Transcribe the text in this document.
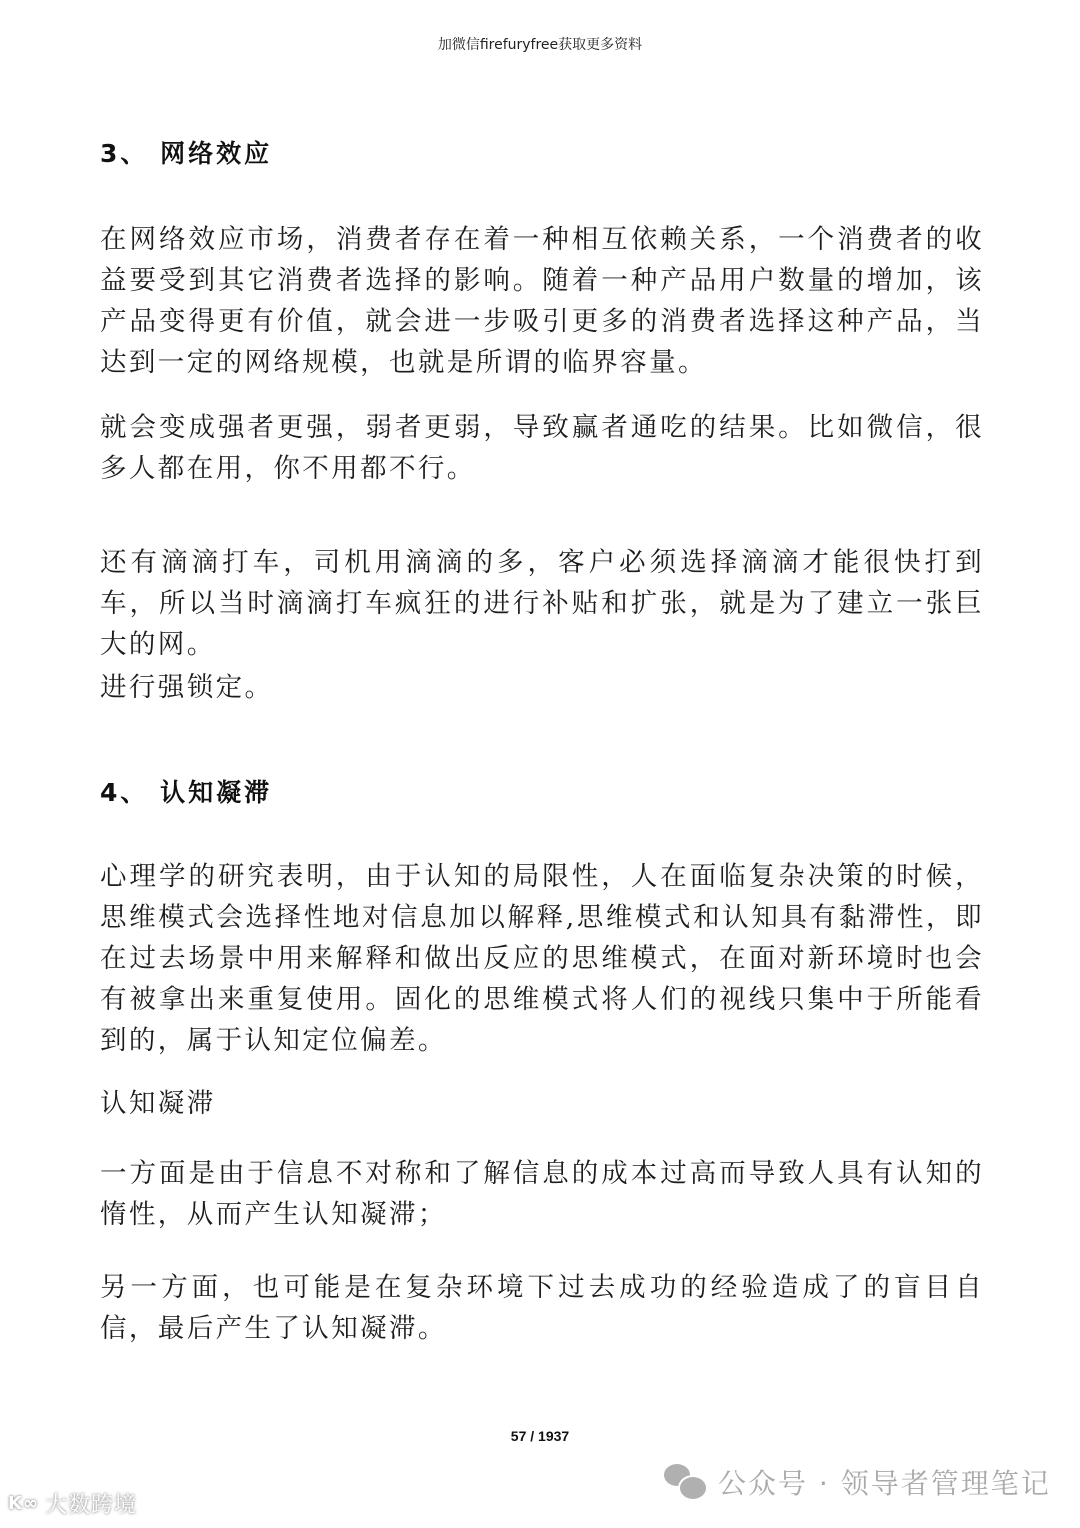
加微信firefuryfree获取更多资料
3、 网络效应

在网络效应市场，消费者存在着一种相互依赖关系，一个消费者的收益要受到其它消费者选择的影响。随着一种产品用户数量的增加，该产品变得更有价值，就会进一步吸引更多的消费者选择这种产品，当达到一定的网络规模，也就是所谓的临界容量。

就会变成强者更强，弱者更弱，导致赢者通吃的结果。比如微信，很多人都在用，你不用都不行。

还有滴滴打车，司机用滴滴的多，客户必须选择滴滴才能很快打到车，所以当时滴滴打车疯狂的进行补贴和扩张，就是为了建立一张巨大的网。

进行强锁定。

4、 认知凝滞

心理学的研究表明，由于认知的局限性，人在面临复杂决策的时候，思维模式会选择性地对信息加以解释,思维模式和认知具有黏滞性，即在过去场景中用来解释和做出反应的思维模式，在面对新环境时也会有被拿出来重复使用。固化的思维模式将人们的视线只集中于所能看到的，属于认知定位偏差。

认知凝滞

一方面是由于信息不对称和了解信息的成本过高而导致人具有认知的惰性，从而产生认知凝滞；

另一方面，也可能是在复杂环境下过去成功的经验造成了的盲目自信，最后产生了认知凝滞。

57 / 1937
公众号 · 领导者管理笔记
K∞ 大数跨境
